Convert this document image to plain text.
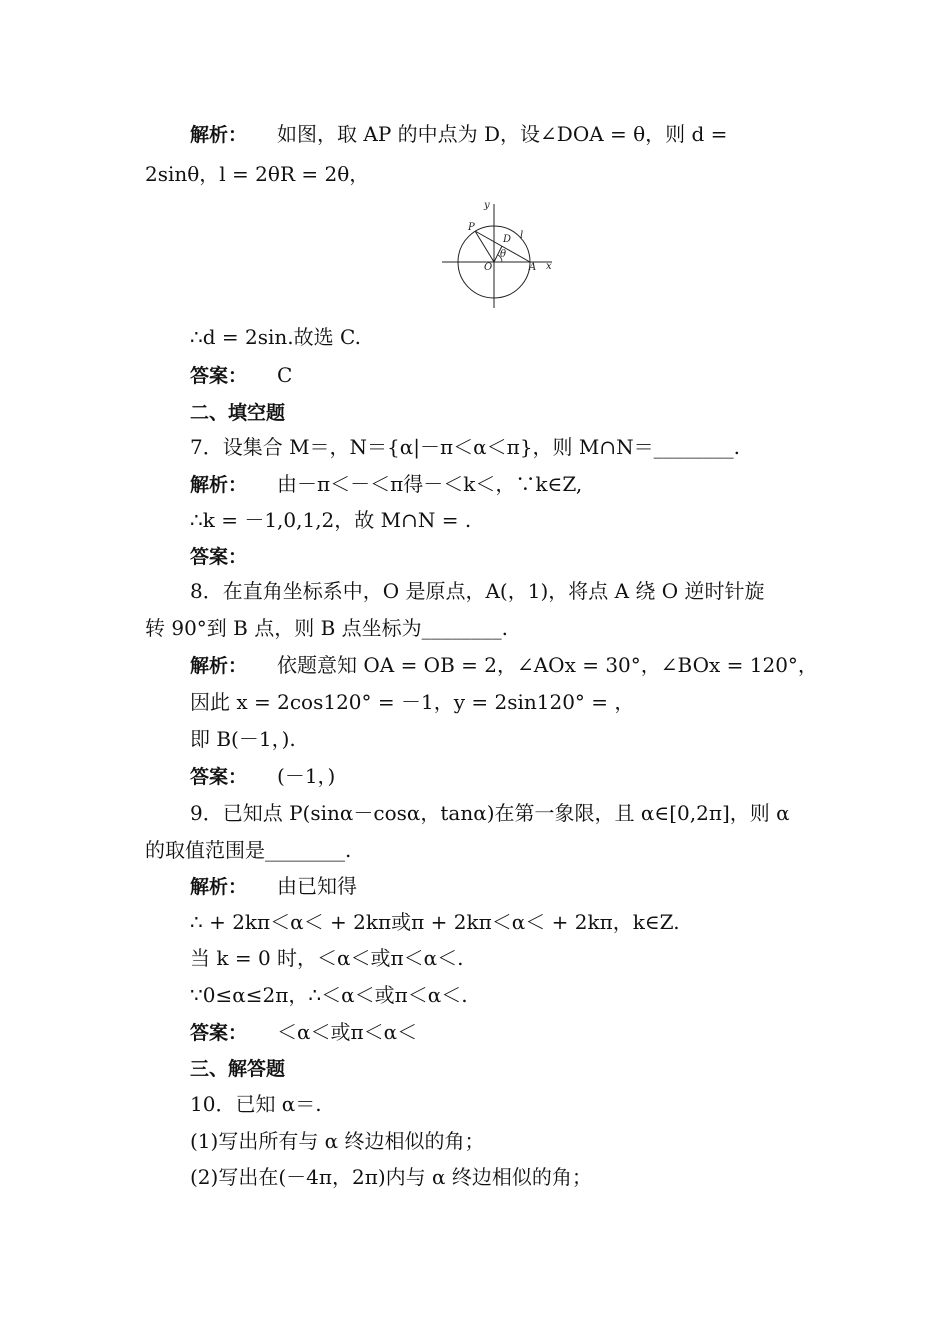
解析： 如图，取 AP 的中点为 D，设∠DOA = θ，则 d =
2sinθ，l = 2θR = 2θ，
∴d = 2sin.故选 C.
答案： C
二、填空题
7．设集合 M＝，N＝{α|－π＜α＜π}，则 M∩N＝________.
解析： 由－π＜－＜π得－＜k＜，∵k∈Z,
∴k = －1,0,1,2，故 M∩N = .
答案：
8．在直角坐标系中，O 是原点，A(，1)，将点 A 绕 O 逆时针旋
转 90°到 B 点，则 B 点坐标为________.
解析： 依题意知 OA = OB = 2，∠AOx = 30°，∠BOx = 120°，
因此 x = 2cos120° = －1，y = 2sin120° = ，
即 B(－1，).
答案： (－1，)
9．已知点 P(sinα－cosα，tanα)在第一象限，且 α∈[0,2π]，则 α
的取值范围是________.
解析： 由已知得
∴ + 2kπ＜α＜ + 2kπ或π + 2kπ＜α＜ + 2kπ，k∈Z.
当 k = 0 时，＜α＜或π＜α＜.
∵0≤α≤2π，∴＜α＜或π＜α＜.
答案： ＜α＜或π＜α＜
三、解答题
10．已知 α＝.
(1)写出所有与 α 终边相似的角；
(2)写出在(－4π，2π)内与 α 终边相似的角；
y
x
P
D l
θ
O	A
